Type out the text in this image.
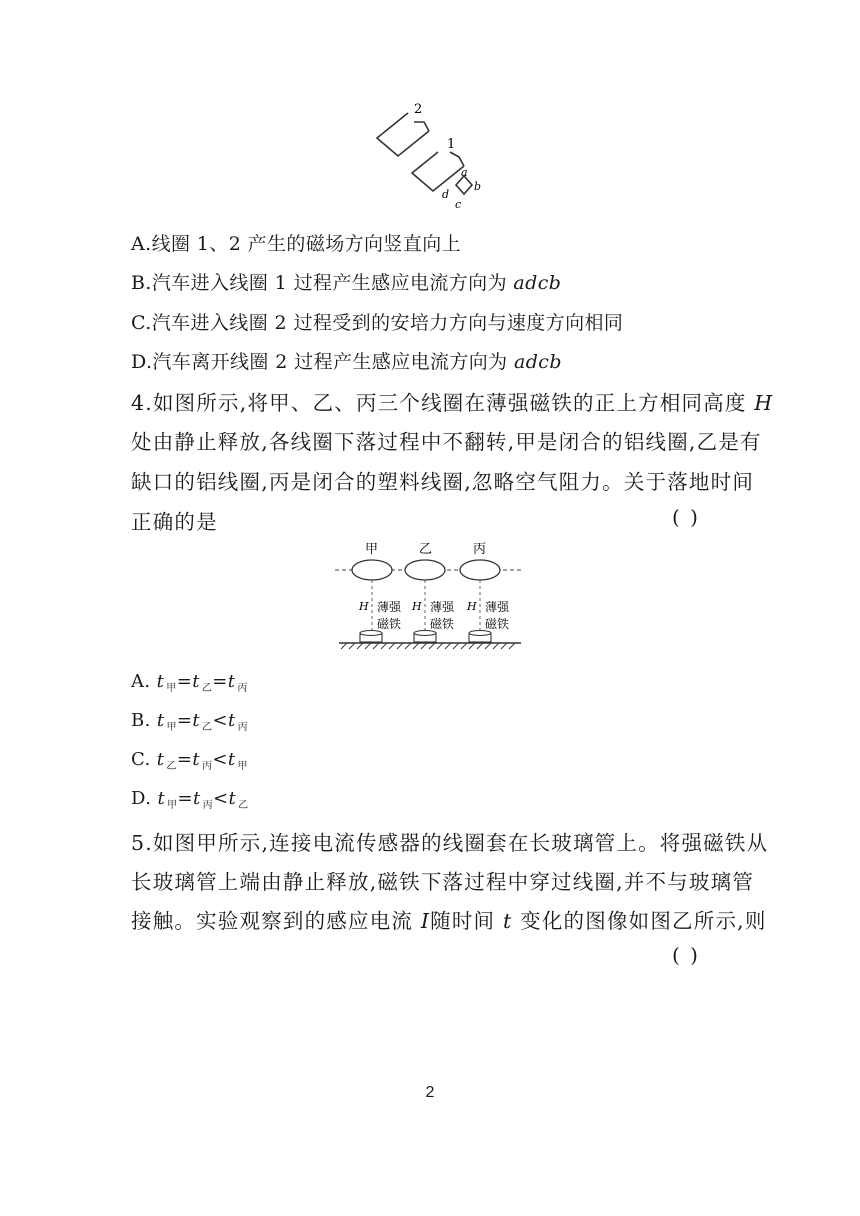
2
1
a
b
c
d
A.线圈 1、2 产生的磁场方向竖直向上
B.汽车进入线圈 1 过程产生感应电流方向为 adcb
C.汽车进入线圈 2 过程受到的安培力方向与速度方向相同
D.汽车离开线圈 2 过程产生感应电流方向为 adcb
4.如图所示,将甲、乙、丙三个线圈在薄强磁铁的正上方相同高度 H
处由静止释放,各线圈下落过程中不翻转,甲是闭合的铝线圈,乙是有
缺口的铝线圈,丙是闭合的塑料线圈,忽略空气阻力。关于落地时间
正确的是	( )
甲	乙	丙
H	H	H
薄强
磁铁
薄强
磁铁
薄强
磁铁
A. t $_甲$=t $_乙$=t $_丙$
B. t $_甲$=t $_乙$<t $_丙$
C. t $_乙$=t $_丙$<t $_甲$
D. t $_甲$=t $_丙$<t $_乙$
5.如图甲所示,连接电流传感器的线圈套在长玻璃管上。将强磁铁从
长玻璃管上端由静止释放,磁铁下落过程中穿过线圈,并不与玻璃管
接触。实验观察到的感应电流 I随时间 t 变化的图像如图乙所示,则
( )
2
